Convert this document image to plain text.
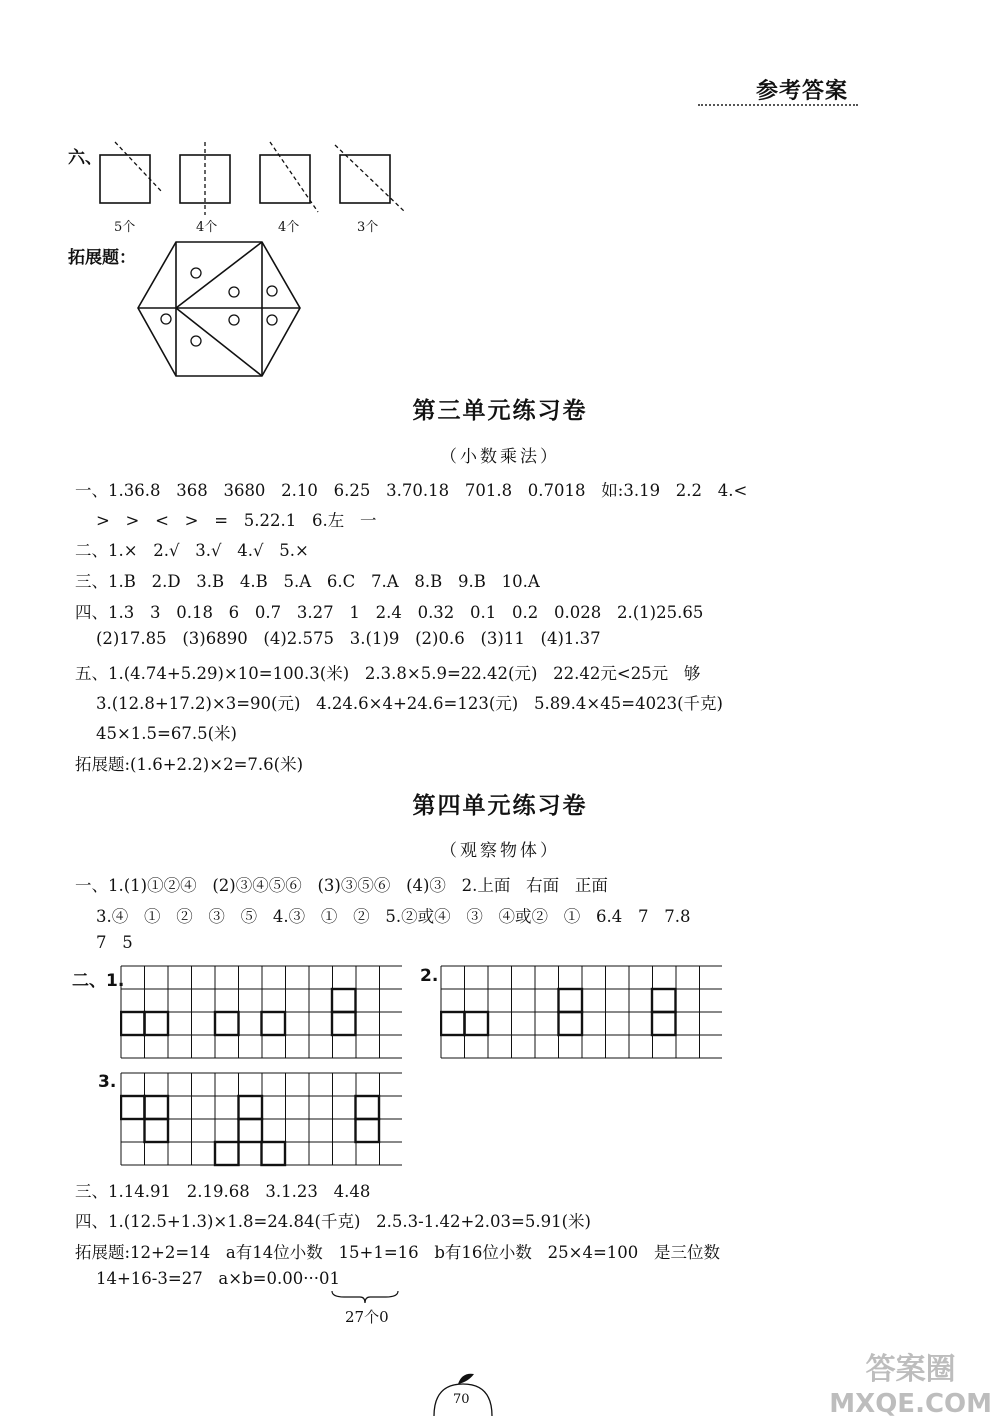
参考答案
六、
5个	4个	4个	3个
拓展题：
第三单元练习卷
（小数乘法）
一、1.36.8   368   3680   2.10   6.25   3.70.18   701.8   0.7018   如:3.19   2.2   4.<
>   >   <   >   =   5.22.1   6.左   一
二、1.×   2.√   3.√   4.√   5.×
三、1.B   2.D   3.B   4.B   5.A   6.C   7.A   8.B   9.B   10.A
四、1.3   3   0.18   6   0.7   3.27   1   2.4   0.32   0.1   0.2   0.028   2.(1)25.65
(2)17.85   (3)6890   (4)2.575   3.(1)9   (2)0.6   (3)11   (4)1.37
五、1.(4.74+5.29)×10=100.3(米)   2.3.8×5.9=22.42(元)   22.42元<25元   够
3.(12.8+17.2)×3=90(元)   4.24.6×4+24.6=123(元)   5.89.4×45=4023(千克)
45×1.5=67.5(米)
拓展题:(1.6+2.2)×2=7.6(米)
第四单元练习卷
（观察物体）
一、1.(1)①②④   (2)③④⑤⑥   (3)③⑤⑥   (4)③   2.上面   右面   正面
3.④   ①   ②   ③   ⑤   4.③   ①   ②   5.②或④   ③   ④或②   ①   6.4   7   7.8
7   5
二、1.	2.
3.
三、1.14.91   2.19.68   3.1.23   4.48
四、1.(12.5+1.3)×1.8=24.84(千克)   2.5.3-1.42+2.03=5.91(米)
拓展题:12+2=14   a有14位小数   15+1=16   b有16位小数   25×4=100   是三位数
14+16-3=27   a×b=0.00···01
27个0
70
答案圈
MXQE.COM
